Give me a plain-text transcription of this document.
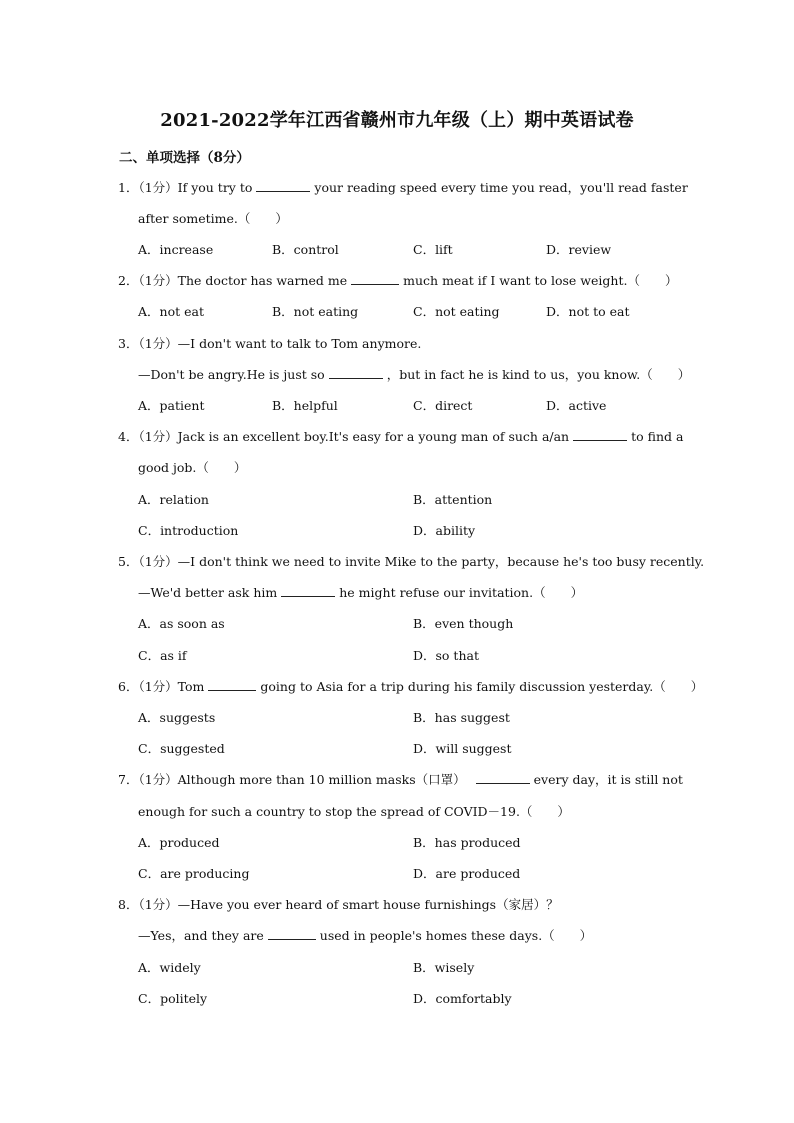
2021-2022学年江西省赣州市九年级（上）期中英语试卷
二、单项选择（8分）
1．（1分）If you try to	your reading speed every time you read，you'll read faster
after sometime.（　　）
A．increase	B．control	C．lift	D．review
2．（1分）The doctor has warned me	much meat if I want to lose weight.（　　）
A．not eat	B．not eating	C．not eating	D．not to eat
3．（1分）—I don't want to talk to Tom anymore.
—Don't be angry.He is just so	，but in fact he is kind to us，you know.（　　）
A．patient	B．helpful	C．direct	D．active
4．（1分）Jack is an excellent boy.It's easy for a young man of such a/an	to find a
good job.（　　）
A．relation	B．attention
C．introduction	D．ability
5．（1分）—I don't think we need to invite Mike to the party，because he's too busy recently.
—We'd better ask him	he might refuse our invitation.（　　）
A．as soon as	B．even though
C．as if	D．so that
6．（1分）Tom	going to Asia for a trip during his family discussion yesterday.（　　）
A．suggests	B．has suggest
C．suggested	D．will suggest
7．（1分）Although more than 10 million masks（口罩）	every day，it is still not
enough for such a country to stop the spread of COVID－19.（　　）
A．produced	B．has produced
C．are producing	D．are produced
8．（1分）—Have you ever heard of smart house furnishings（家居）？
—Yes，and they are	used in people's homes these days.（　　）
A．widely	B．wisely
C．politely	D．comfortably
